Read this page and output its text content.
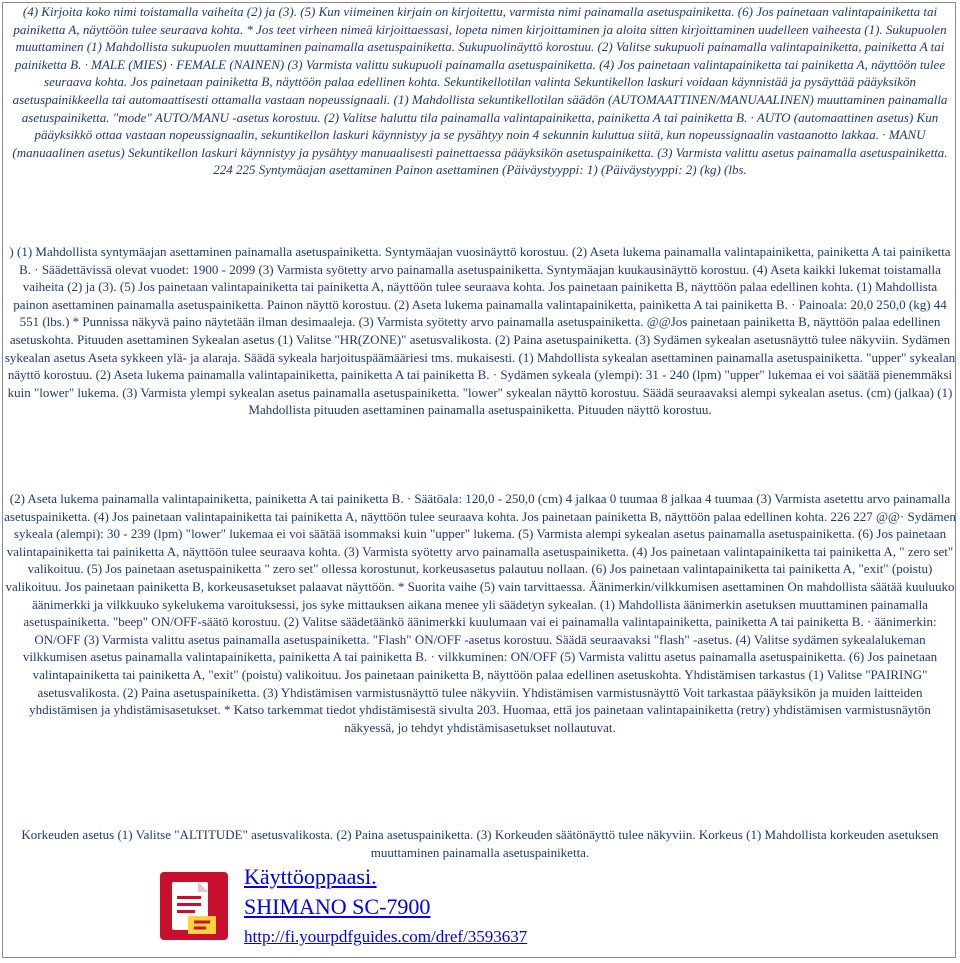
(4) Kirjoita koko nimi toistamalla vaiheita (2) ja (3). (5) Kun viimeinen kirjain on kirjoitettu, varmista nimi painamalla asetuspainiketta. (6) Jos painetaan valintapainiketta tai painiketta A, näyttöön tulee seuraava kohta. * Jos teet virheen nimeä kirjoittaessasi, lopeta nimen kirjoittaminen ja aloita sitten kirjoittaminen uudelleen vaiheesta (1). Sukupuolen muuttaminen (1) Mahdollista sukupuolen muuttaminen painamalla asetuspainiketta. Sukupuolinäyttö korostuu. (2) Valitse sukupuoli painamalla valintapainiketta, painiketta A tai painiketta B. · MALE (MIES) · FEMALE (NAINEN) (3) Varmista valittu sukupuoli painamalla asetuspainiketta. (4) Jos painetaan valintapainiketta tai painiketta A, näyttöön tulee seuraava kohta. Jos painetaan painiketta B, näyttöön palaa edellinen kohta. Sekuntikellotilan valinta Sekuntikellon laskuri voidaan käynnistää ja pysäyttää pääyksikön asetuspainikkeella tai automaattisesti ottamalla vastaan nopeussignaali. (1) Mahdollista sekuntikellotilan säädön (AUTOMAATTINEN/MANUAALINEN) muuttaminen painamalla asetuspainiketta. "mode" AUTO/MANU -asetus korostuu. (2) Valitse haluttu tila painamalla valintapainiketta, painiketta A tai painiketta B. · AUTO (automaattinen asetus) Kun pääyksikkö ottaa vastaan nopeussignaalin, sekuntikellon laskuri käynnistyy ja se pysähtyy noin 4 sekunnin kuluttua siitä, kun nopeussignaalin vastaanotto lakkaa. · MANU (manuaalinen asetus) Sekuntikellon laskuri käynnistyy ja pysähtyy manuaalisesti painettaessa pääyksikön asetuspainiketta. (3) Varmista valittu asetus painamalla asetuspainiketta. 224 225 Syntymäajan asettaminen Painon asettaminen (Päiväystyyppi: 1) (Päiväystyyppi: 2) (kg) (lbs.

) (1) Mahdollista syntymäajan asettaminen painamalla asetuspainiketta. Syntymäajan vuosinäyttö korostuu. (2) Aseta lukema painamalla valintapainiketta, painiketta A tai painiketta B. · Säädettävissä olevat vuodet: 1900 - 2099 (3) Varmista syötetty arvo painamalla asetuspainiketta. Syntymäajan kuukausinäyttö korostuu. (4) Aseta kaikki lukemat toistamalla vaiheita (2) ja (3). (5) Jos painetaan valintapainiketta tai painiketta A, näyttöön tulee seuraava kohta. Jos painetaan painiketta B, näyttöön palaa edellinen kohta. (1) Mahdollista painon asettaminen painamalla asetuspainiketta. Painon näyttö korostuu. (2) Aseta lukema painamalla valintapainiketta, painiketta A tai painiketta B. · Painoala: 20,0 250,0 (kg) 44 551 (lbs.) * Punnissa näkyvä paino näytetään ilman desimaaleja. (3) Varmista syötetty arvo painamalla asetuspainiketta. @@Jos painetaan painiketta B, näyttöön palaa edellinen asetuskohta. Pituuden asettaminen Sykealan asetus (1) Valitse "HR(ZONE)" asetusvalikosta. (2) Paina asetuspainiketta. (3) Sydämen sykealan asetusnäyttö tulee näkyviin. Sydämen sykealan asetus Aseta sykkeen ylä- ja alaraja. Säädä sykeala harjoituspäämääriesi tms. mukaisesti. (1) Mahdollista sykealan asettaminen painamalla asetuspainiketta. "upper" sykealan näyttö korostuu. (2) Aseta lukema painamalla valintapainiketta, painiketta A tai painiketta B. · Sydämen sykeala (ylempi): 31 - 240 (lpm) "upper" lukemaa ei voi säätää pienemmäksi kuin "lower" lukema. (3) Varmista ylempi sykealan asetus painamalla asetuspainiketta. "lower" sykealan näyttö korostuu. Säädä seuraavaksi alempi sykealan asetus. (cm) (jalkaa) (1) Mahdollista pituuden asettaminen painamalla asetuspainiketta. Pituuden näyttö korostuu.

(2) Aseta lukema painamalla valintapainiketta, painiketta A tai painiketta B. · Säätöala: 120,0 - 250,0 (cm) 4 jalkaa 0 tuumaa 8 jalkaa 4 tuumaa (3) Varmista asetettu arvo painamalla asetuspainiketta. (4) Jos painetaan valintapainiketta tai painiketta A, näyttöön tulee seuraava kohta. Jos painetaan painiketta B, näyttöön palaa edellinen kohta. 226 227 @@· Sydämen sykeala (alempi): 30 - 239 (lpm) "lower" lukemaa ei voi säätää isommaksi kuin "upper" lukema. (5) Varmista alempi sykealan asetus painamalla asetuspainiketta. (6) Jos painetaan valintapainiketta tai painiketta A, näyttöön tulee seuraava kohta. (3) Varmista syötetty arvo painamalla asetuspainiketta. (4) Jos painetaan valintapainiketta tai painiketta A, " zero set" valikoituu. (5) Jos painetaan asetuspainiketta " zero set" ollessa korostunut, korkeusasetus palautuu nollaan. (6) Jos painetaan valintapainiketta tai painiketta A, "exit" (poistu) valikoituu. Jos painetaan painiketta B, korkeusasetukset palaavat näyttöön. * Suorita vaihe (5) vain tarvittaessa. Äänimerkin/vilkkumisen asettaminen On mahdollista säätää kuuluuko äänimerkki ja vilkkuuko sykelukema varoituksessi, jos syke mittauksen aikana menee yli säädetyn sykealan. (1) Mahdollista äänimerkin asetuksen muuttaminen painamalla asetuspainiketta. "beep" ON/OFF-säätö korostuu. (2) Valitse säädetäänkö äänimerkki kuulumaan vai ei painamalla valintapainiketta, painiketta A tai painiketta B. · äänimerkin: ON/OFF (3) Varmista valittu asetus painamalla asetuspainiketta. "Flash" ON/OFF -asetus korostuu. Säädä seuraavaksi "flash" -asetus. (4) Valitse sydämen sykealalukeman vilkkumisen asetus painamalla valintapainiketta, painiketta A tai painiketta B. · vilkkuminen: ON/OFF (5) Varmista valittu asetus painamalla asetuspainiketta. (6) Jos painetaan valintapainiketta tai painiketta A, "exit" (poistu) valikoituu. Jos painetaan painiketta B, näyttöön palaa edellinen asetuskohta. Yhdistämisen tarkastus (1) Valitse "PAIRING" asetusvalikosta. (2) Paina asetuspainiketta. (3) Yhdistämisen varmistusnäyttö tulee näkyviin. Yhdistämisen varmistusnäyttö Voit tarkastaa pääyksikön ja muiden laitteiden yhdistämisen ja yhdistämisasetukset. * Katso tarkemmat tiedot yhdistämisestä sivulta 203. Huomaa, että jos painetaan valintapainiketta (retry) yhdistämisen varmistusnäytön näkyessä, jo tehdyt yhdistämisasetukset nollautuvat.

Korkeuden asetus (1) Valitse "ALTITUDE" asetusvalikosta. (2) Paina asetuspainiketta. (3) Korkeuden säätönäyttö tulee näkyviin. Korkeus (1) Mahdollista korkeuden asetuksen muuttaminen painamalla asetuspainiketta.

Käyttöoppaasi.
SHIMANO SC-7900
http://fi.yourpdfguides.com/dref/3593637
